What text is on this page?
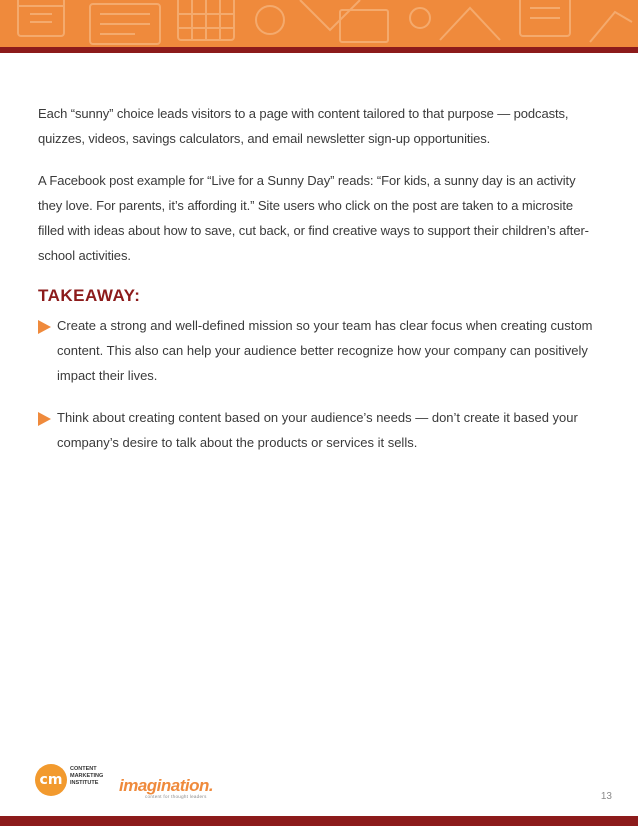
Each “sunny” choice leads visitors to a page with content tailored to that purpose — podcasts, quizzes, videos, savings calculators, and email newsletter sign-up opportunities.

A Facebook post example for “Live for a Sunny Day” reads: “For kids, a sunny day is an activity they love. For parents, it’s affording it.” Site users who click on the post are taken to a microsite filled with ideas about how to save, cut back, or find creative ways to support their children’s after-school activities.

TAKEAWAY:
Create a strong and well-defined mission so your team has clear focus when creating custom content. This also can help your audience better recognize how your company can positively impact their lives.
Think about creating content based on your audience’s needs — don’t create it based your company’s desire to talk about the products or services it sells.
cm
CONTENT MARKETING INSTITUTE	imagination.
content for thought leaders	13
